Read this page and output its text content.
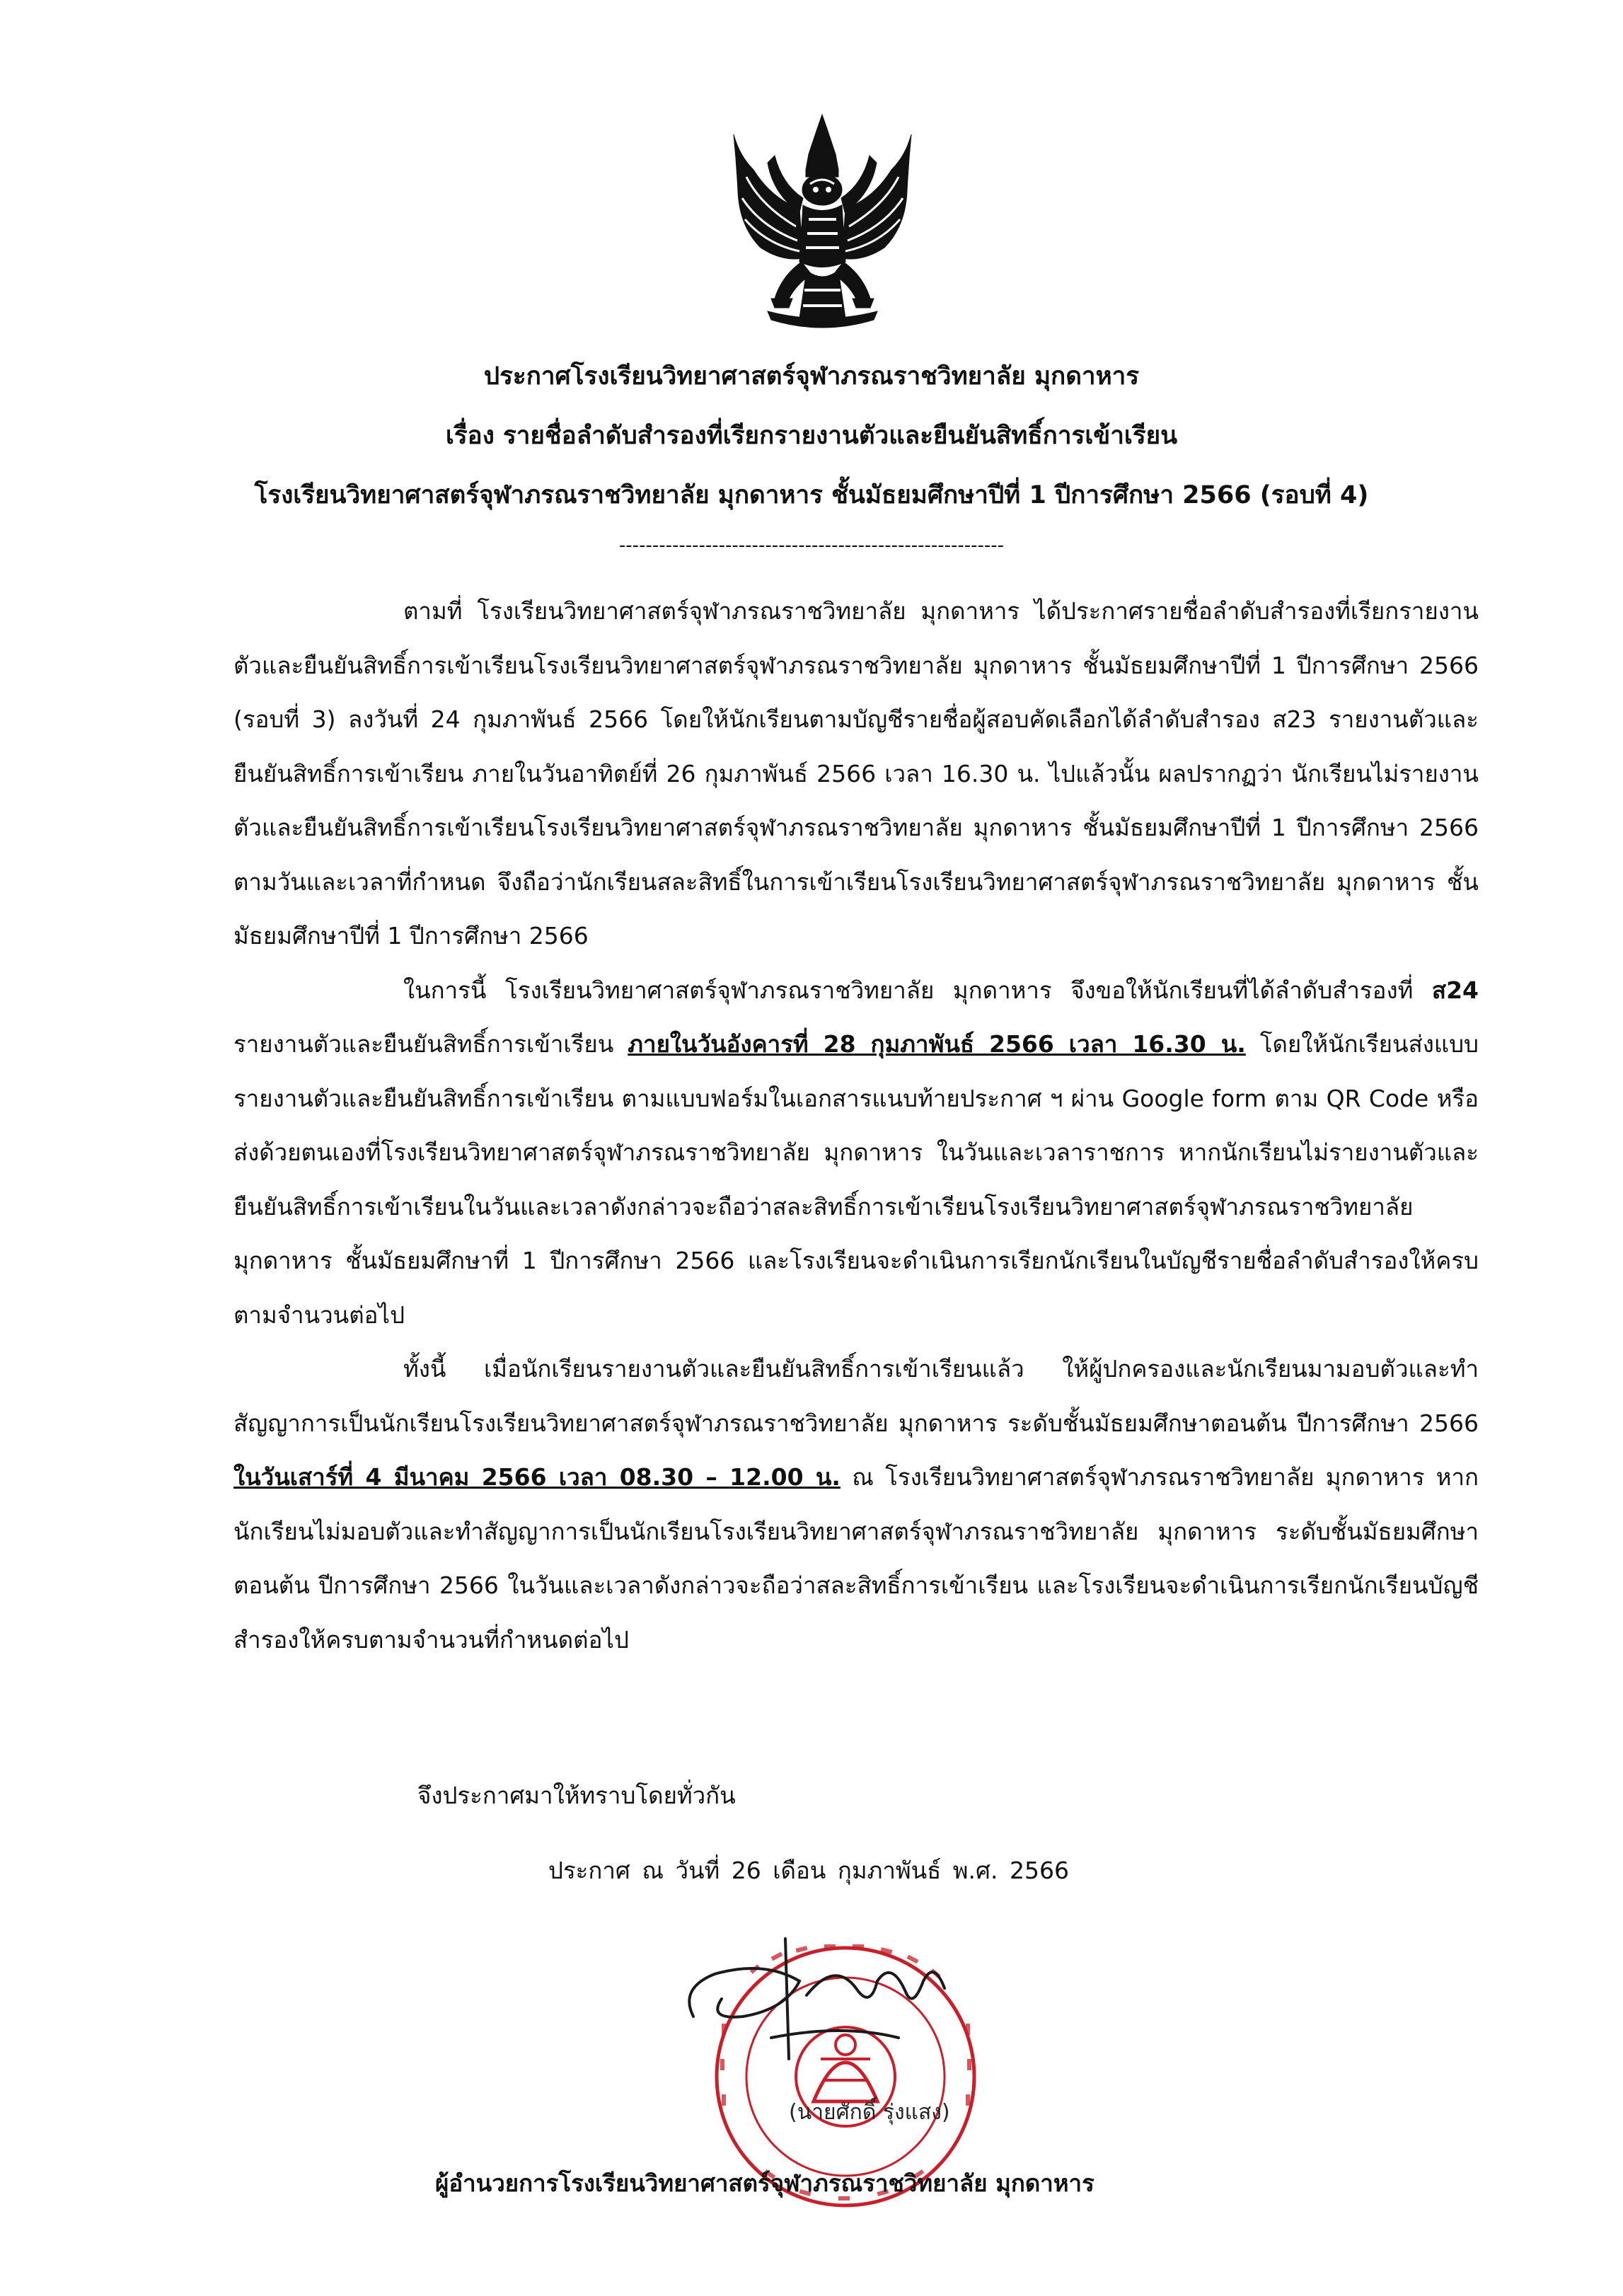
ประกาศโรงเรียนวิทยาศาสตร์จุฬาภรณราชวิทยาลัย มุกดาหาร
เรื่อง รายชื่อลำดับสำรองที่เรียกรายงานตัวและยืนยันสิทธิ์การเข้าเรียน
โรงเรียนวิทยาศาสตร์จุฬาภรณราชวิทยาลัย มุกดาหาร ชั้นมัธยมศึกษาปีที่ 1 ปีการศึกษา 2566 (รอบที่ 4)
----------------------------------------------------------

ตามที่ โรงเรียนวิทยาศาสตร์จุฬาภรณราชวิทยาลัย มุกดาหาร ได้ประกาศรายชื่อลำดับสำรองที่เรียกรายงานตัวและยืนยันสิทธิ์การเข้าเรียนโรงเรียนวิทยาศาสตร์จุฬาภรณราชวิทยาลัย มุกดาหาร ชั้นมัธยมศึกษาปีที่ 1 ปีการศึกษา 2566 (รอบที่ 3) ลงวันที่ 24 กุมภาพันธ์ 2566 โดยให้นักเรียนตามบัญชีรายชื่อผู้สอบคัดเลือกได้ลำดับสำรอง ส23 รายงานตัวและยืนยันสิทธิ์การเข้าเรียน ภายในวันอาทิตย์ที่ 26 กุมภาพันธ์ 2566 เวลา 16.30 น. ไปแล้วนั้น ผลปรากฏว่า นักเรียนไม่รายงานตัวและยืนยันสิทธิ์การเข้าเรียนโรงเรียนวิทยาศาสตร์จุฬาภรณราชวิทยาลัย มุกดาหาร ชั้นมัธยมศึกษาปีที่ 1 ปีการศึกษา 2566 ตามวันและเวลาที่กำหนด จึงถือว่านักเรียนสละสิทธิ์ในการเข้าเรียนโรงเรียนวิทยาศาสตร์จุฬาภรณราชวิทยาลัย มุกดาหาร ชั้นมัธยมศึกษาปีที่ 1 ปีการศึกษา 2566

ในการนี้ โรงเรียนวิทยาศาสตร์จุฬาภรณราชวิทยาลัย มุกดาหาร จึงขอให้นักเรียนที่ได้ลำดับสำรองที่ ส24 รายงานตัวและยืนยันสิทธิ์การเข้าเรียน ภายในวันอังคารที่ 28 กุมภาพันธ์ 2566 เวลา 16.30 น. โดยให้นักเรียนส่งแบบรายงานตัวและยืนยันสิทธิ์การเข้าเรียน ตามแบบฟอร์มในเอกสารแนบท้ายประกาศ ฯ ผ่าน Google form ตาม QR Code หรือส่งด้วยตนเองที่โรงเรียนวิทยาศาสตร์จุฬาภรณราชวิทยาลัย มุกดาหาร ในวันและเวลาราชการ หากนักเรียนไม่รายงานตัวและยืนยันสิทธิ์การเข้าเรียนในวันและเวลาดังกล่าวจะถือว่าสละสิทธิ์การเข้าเรียนโรงเรียนวิทยาศาสตร์จุฬาภรณราชวิทยาลัย มุกดาหาร ชั้นมัธยมศึกษาที่ 1 ปีการศึกษา 2566 และโรงเรียนจะดำเนินการเรียกนักเรียนในบัญชีรายชื่อลำดับสำรองให้ครบตามจำนวนต่อไป

ทั้งนี้ เมื่อนักเรียนรายงานตัวและยืนยันสิทธิ์การเข้าเรียนแล้ว ให้ผู้ปกครองและนักเรียนมามอบตัวและทำสัญญาการเป็นนักเรียนโรงเรียนวิทยาศาสตร์จุฬาภรณราชวิทยาลัย มุกดาหาร ระดับชั้นมัธยมศึกษาตอนต้น ปีการศึกษา 2566 ในวันเสาร์ที่ 4 มีนาคม 2566 เวลา 08.30 – 12.00 น. ณ โรงเรียนวิทยาศาสตร์จุฬาภรณราชวิทยาลัย มุกดาหาร หากนักเรียนไม่มอบตัวและทำสัญญาการเป็นนักเรียนโรงเรียนวิทยาศาสตร์จุฬาภรณราชวิทยาลัย มุกดาหาร ระดับชั้นมัธยมศึกษาตอนต้น ปีการศึกษา 2566 ในวันและเวลาดังกล่าวจะถือว่าสละสิทธิ์การเข้าเรียน และโรงเรียนจะดำเนินการเรียกนักเรียนบัญชีสำรองให้ครบตามจำนวนที่กำหนดต่อไป

จึงประกาศมาให้ทราบโดยทั่วกัน
ประกาศ ณ วันที่ 26 เดือน กุมภาพันธ์ พ.ศ. 2566
(นายศักดิ์ รุ่งแสง)
ผู้อำนวยการโรงเรียนวิทยาศาสตร์จุฬาภรณราชวิทยาลัย มุกดาหาร
